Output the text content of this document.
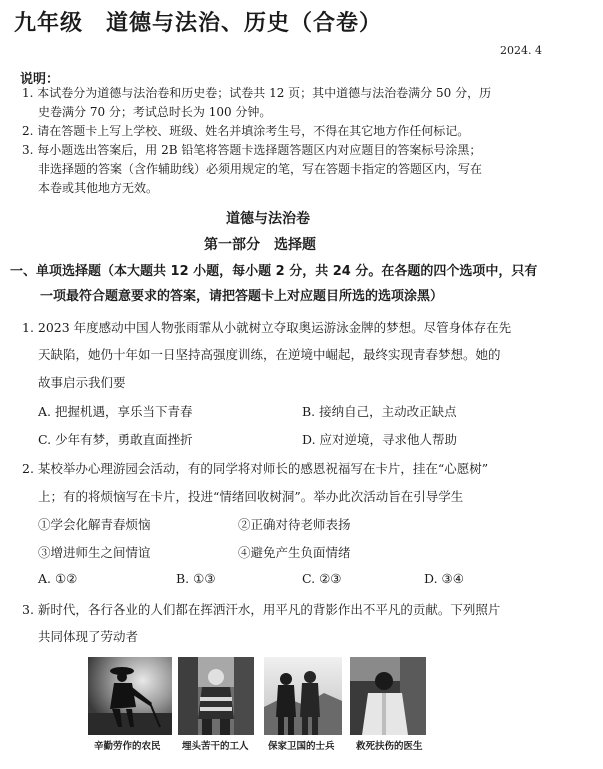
九年级　道德与法治、历史（合卷）
2024. 4
说明：
1. 本试卷分为道德与法治卷和历史卷；试卷共 12 页；其中道德与法治卷满分 50 分，历
史卷满分 70 分；考试总时长为 100 分钟。
2. 请在答题卡上写上学校、班级、姓名并填涂考生号，不得在其它地方作任何标记。
3. 每小题选出答案后，用 2B 铅笔将答题卡选择题答题区内对应题目的答案标号涂黑；
非选择题的答案（含作辅助线）必须用规定的笔，写在答题卡指定的答题区内，写在
本卷或其他地方无效。
道德与法治卷
第一部分　选择题
一、单项选择题（本大题共 12 小题，每小题 2 分，共 24 分。在各题的四个选项中，只有
一项最符合题意要求的答案，请把答题卡上对应题目所选的选项涂黑）
1. 2023 年度感动中国人物张雨霏从小就树立夺取奥运游泳金牌的梦想。尽管身体存在先
天缺陷，她仍十年如一日坚持高强度训练，在逆境中崛起，最终实现青春梦想。她的
故事启示我们要
A. 把握机遇，享乐当下青春	B. 接纳自己，主动改正缺点
C. 少年有梦，勇敢直面挫折	D. 应对逆境，寻求他人帮助
2. 某校举办心理游园会活动，有的同学将对师长的感恩祝福写在卡片，挂在“心愿树”
上；有的将烦恼写在卡片，投进“情绪回收树洞”。举办此次活动旨在引导学生
①学会化解青春烦恼	②正确对待老师表扬
③增进师生之间情谊	④避免产生负面情绪
A. ①②	B. ①③	C. ②③	D. ③④
3. 新时代，各行各业的人们都在挥洒汗水，用平凡的背影作出不平凡的贡献。下列照片
共同体现了劳动者
辛勤劳作的农民 埋头苦干的工人 保家卫国的士兵 救死扶伤的医生
